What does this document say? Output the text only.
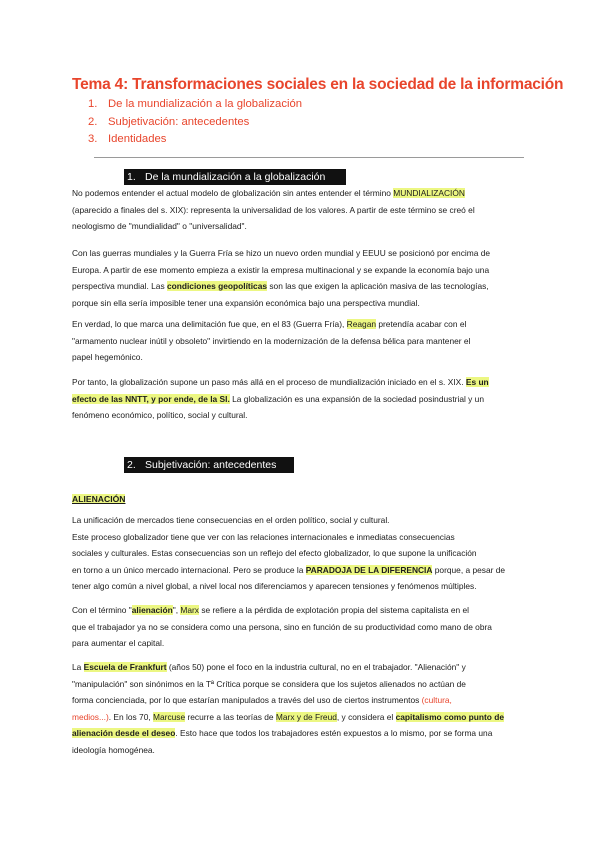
Tema 4: Transformaciones sociales en la sociedad de la información
1. De la mundialización a la globalización
2. Subjetivación: antecedentes
3. Identidades
1. De la mundialización a la globalización
No podemos entender el actual modelo de globalización sin antes entender el término MUNDIALIZACIÓN
(aparecido a finales del s. XIX): representa la universalidad de los valores. A partir de este término se creó el
neologismo de "mundialidad" o "universalidad".
Con las guerras mundiales y la Guerra Fría se hizo un nuevo orden mundial y EEUU se posicionó por encima de
Europa. A partir de ese momento empieza a existir la empresa multinacional y se expande la economía bajo una
perspectiva mundial. Las condiciones geopolíticas son las que exigen la aplicación masiva de las tecnologías,
porque sin ella sería imposible tener una expansión económica bajo una perspectiva mundial.
En verdad, lo que marca una delimitación fue que, en el 83 (Guerra Fría), Reagan pretendía acabar con el
"armamento nuclear inútil y obsoleto" invirtiendo en la modernización de la defensa bélica para mantener el
papel hegemónico.
Por tanto, la globalización supone un paso más allá en el proceso de mundialización iniciado en el s. XIX. Es un
efecto de las NNTT, y por ende, de la SI. La globalización es una expansión de la sociedad posindustrial y un
fenómeno económico, político, social y cultural.
2. Subjetivación: antecedentes
ALIENACIÓN
La unificación de mercados tiene consecuencias en el orden político, social y cultural.
Este proceso globalizador tiene que ver con las relaciones internacionales e inmediatas consecuencias
sociales y culturales. Estas consecuencias son un reflejo del efecto globalizador, lo que supone la unificación
en torno a un único mercado internacional. Pero se produce la PARADOJA DE LA DIFERENCIA porque, a pesar de
tener algo común a nivel global, a nivel local nos diferenciamos y aparecen tensiones y fenómenos múltiples.
Con el término "alienación", Marx se refiere a la pérdida de explotación propia del sistema capitalista en el
que el trabajador ya no se considera como una persona, sino en función de su productividad como mano de obra
para aumentar el capital.
La Escuela de Frankfurt (años 50) pone el foco en la industria cultural, no en el trabajador. "Alienación" y
"manipulación" son sinónimos en la Tª Crítica porque se considera que los sujetos alienados no actúan de
forma concienciada, por lo que estarían manipulados a través del uso de ciertos instrumentos (cultura,
medios...). En los 70, Marcuse recurre a las teorías de Marx y de Freud, y considera el capitalismo como punto de
alienación desde el deseo. Esto hace que todos los trabajadores estén expuestos a lo mismo, por se forma una
ideología homogénea.
